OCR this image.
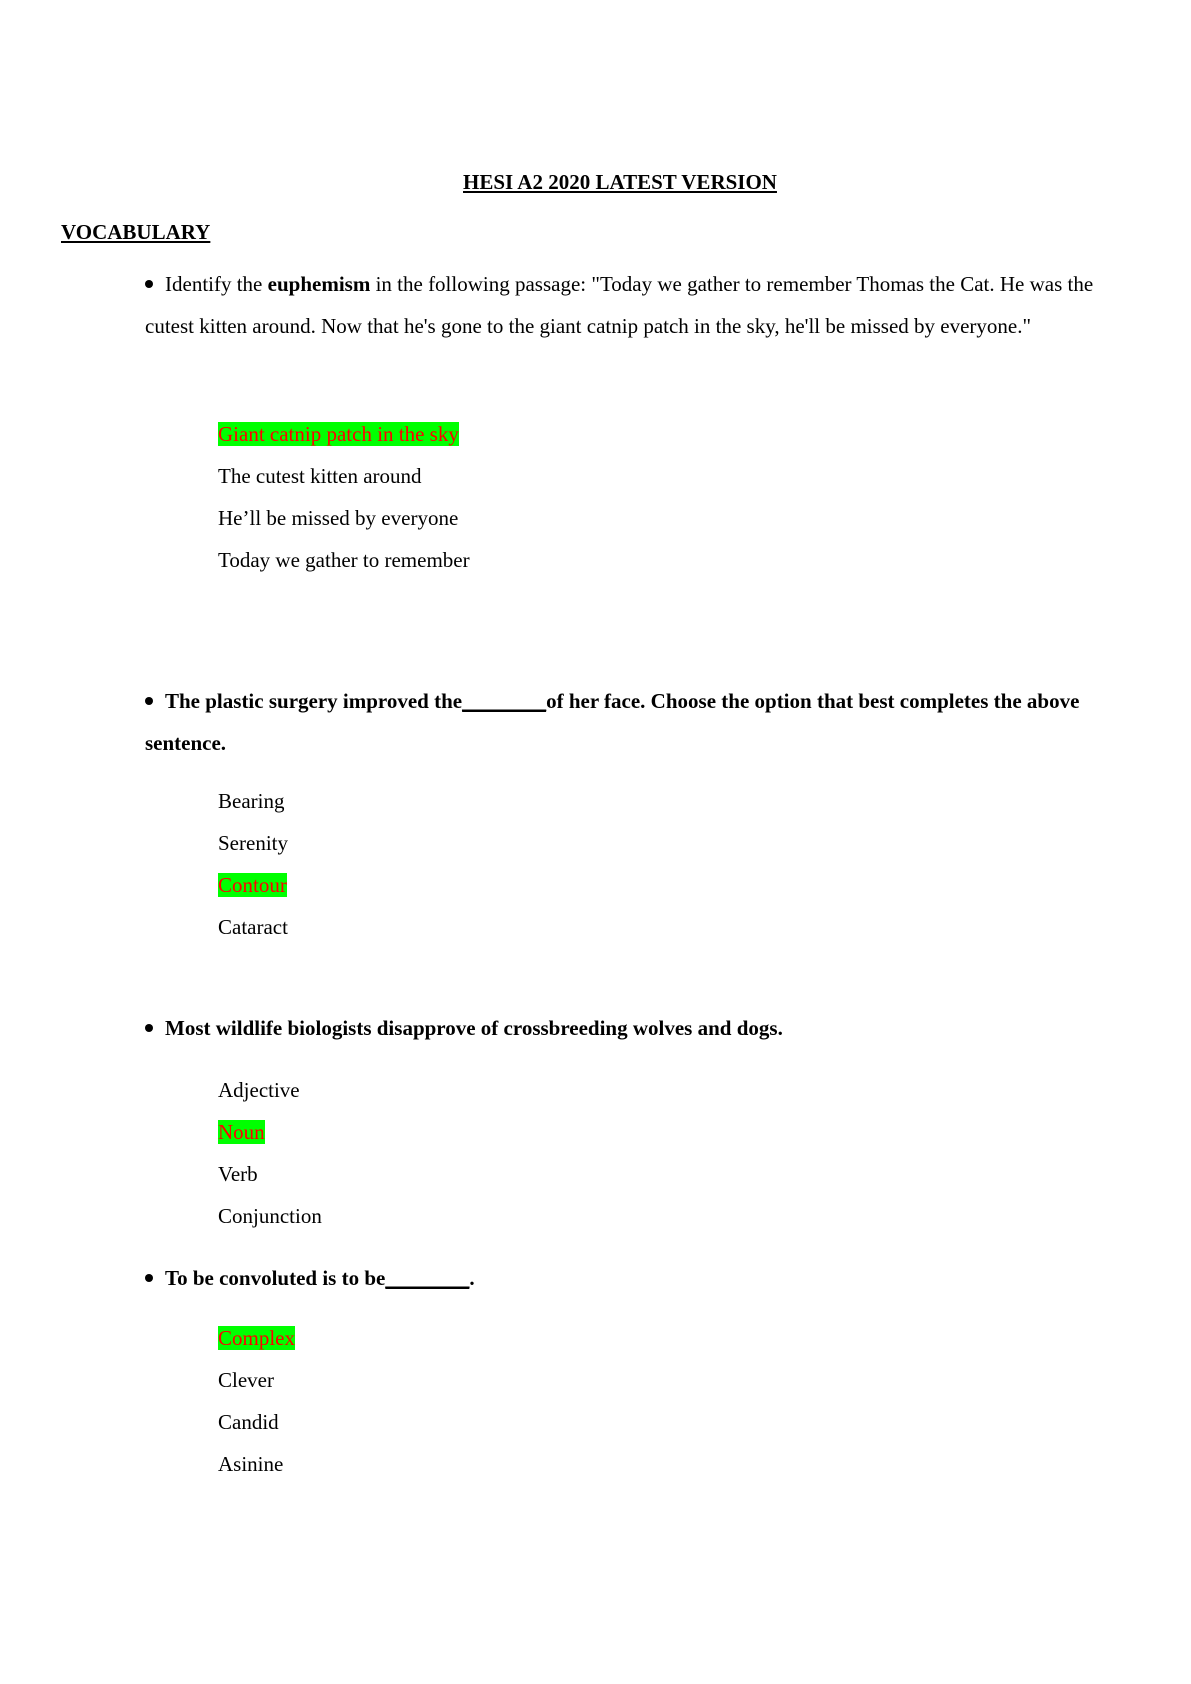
HESI A2 2020 LATEST VERSION
VOCABULARY

Identify the euphemism in the following passage: "Today we gather to remember Thomas the Cat. He was the cutest kitten around. Now that he's gone to the giant catnip patch in the sky, he'll be missed by everyone."

Giant catnip patch in the sky
The cutest kitten around
He’ll be missed by everyone
Today we gather to remember

The plastic surgery improved the________of her face. Choose the option that best completes the above sentence.

Bearing
Serenity
Contour
Cataract

Most wildlife biologists disapprove of crossbreeding wolves and dogs.

Adjective
Noun
Verb
Conjunction

To be convoluted is to be________.

Complex
Clever
Candid
Asinine
